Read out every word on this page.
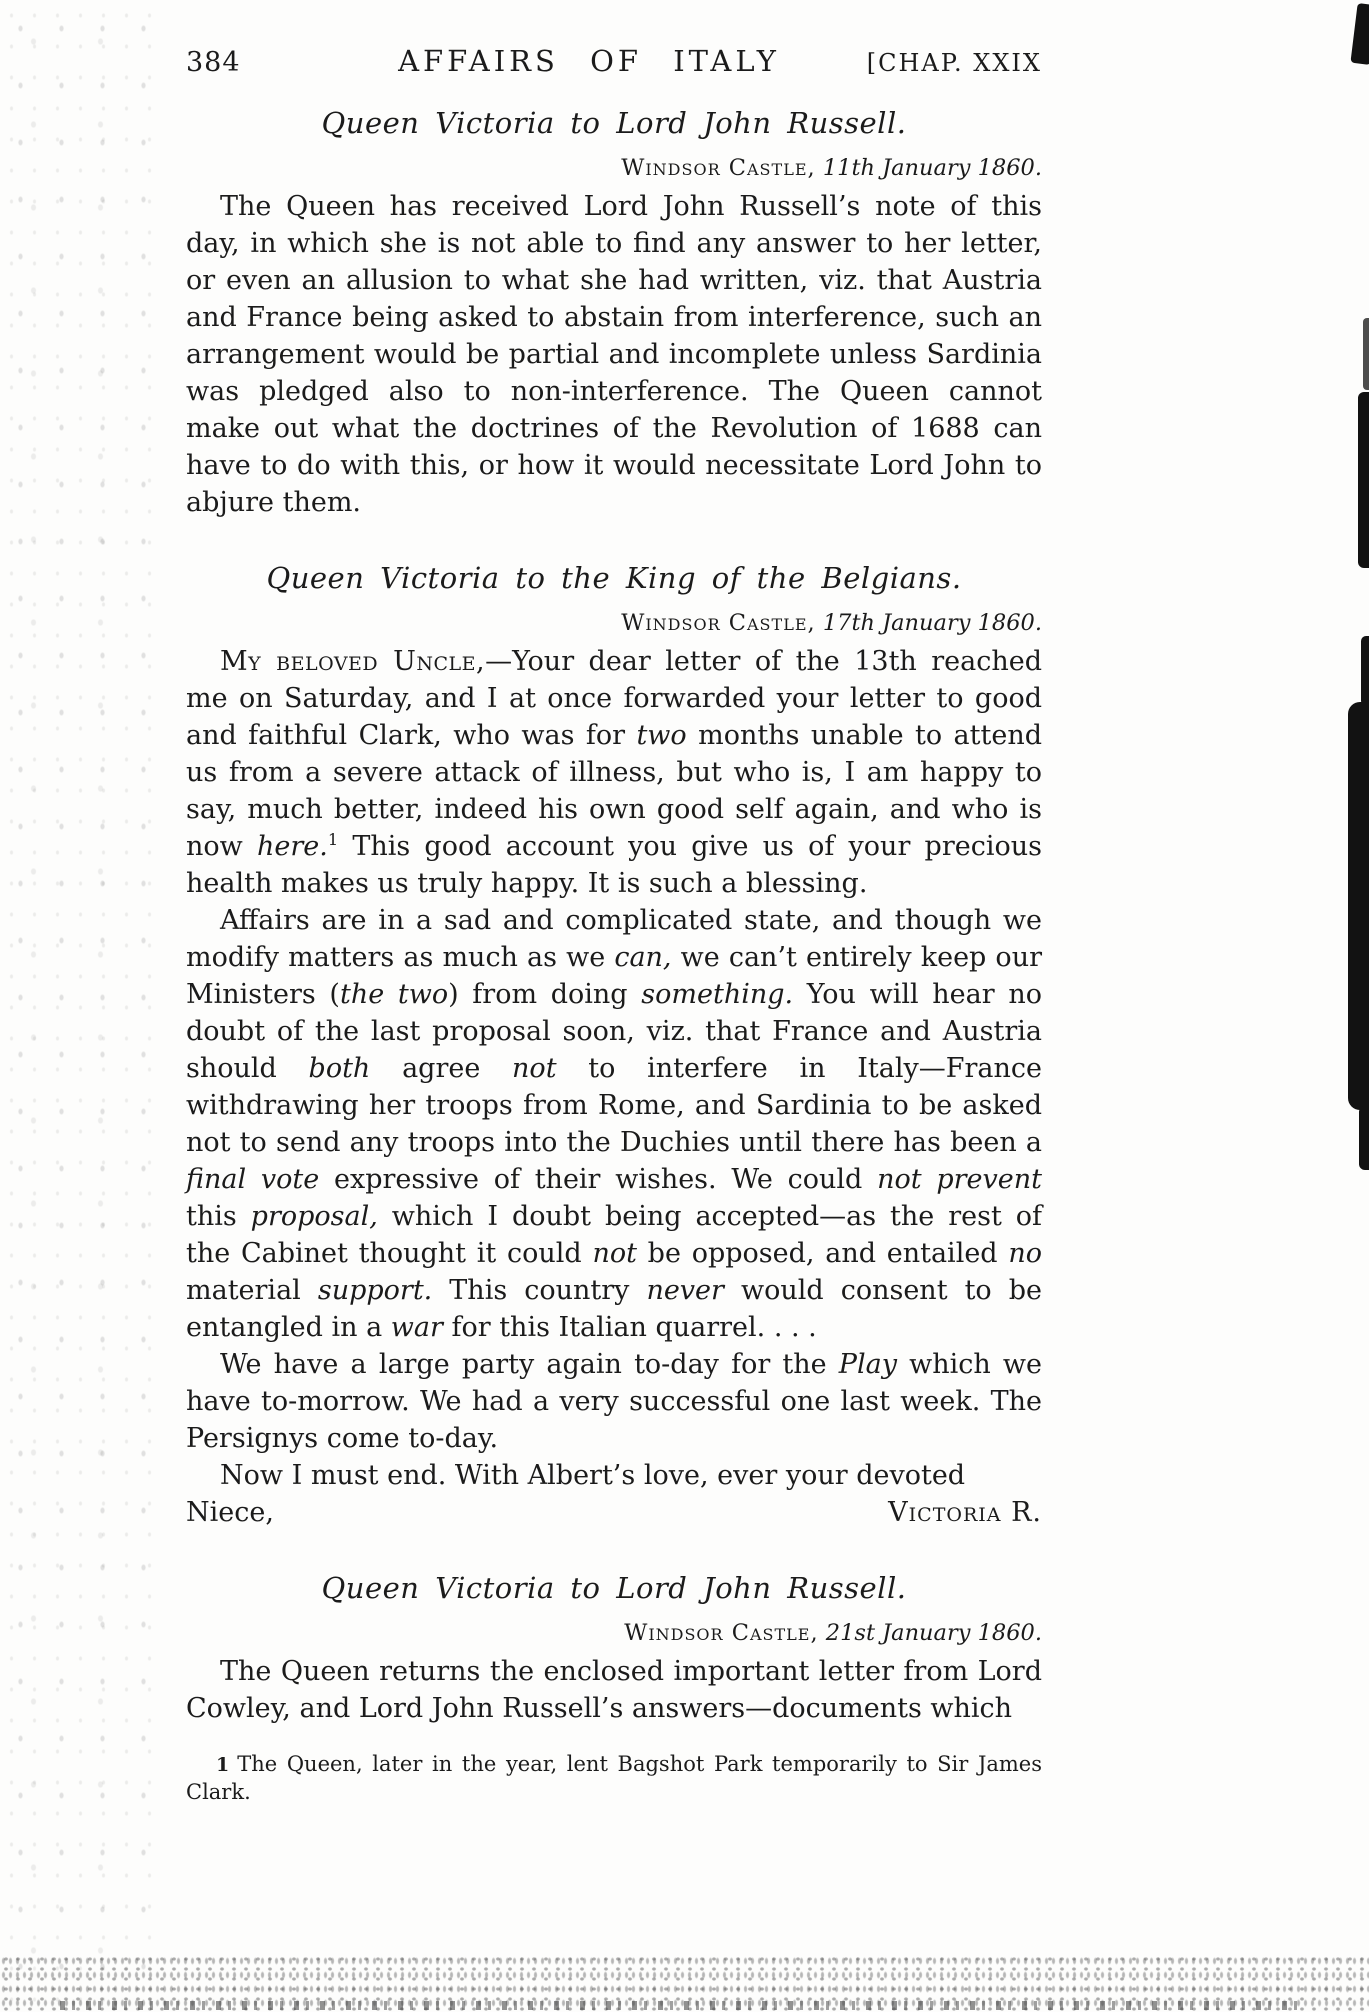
384	AFFAIRS OF ITALY	[CHAP. XXIX
Queen Victoria to Lord John Russell.
Windsor Castle, 11th January 1860.

The Queen has received Lord John Russell’s note of this day, in which she is not able to find any answer to her letter, or even an allusion to what she had written, viz. that Austria and France being asked to abstain from interference, such an arrangement would be partial and incomplete unless Sardinia was pledged also to non-interference. The Queen cannot make out what the doctrines of the Revolution of 1688 can have to do with this, or how it would necessitate Lord John to abjure them.

Queen Victoria to the King of the Belgians.
Windsor Castle, 17th January 1860.

My beloved Uncle,—Your dear letter of the 13th reached me on Saturday, and I at once forwarded your letter to good and faithful Clark, who was for two months unable to attend us from a severe attack of illness, but who is, I am happy to say, much better, indeed his own good self again, and who is now here.$^1$ This good account you give us of your precious health makes us truly happy. It is such a blessing.

Affairs are in a sad and complicated state, and though we modify matters as much as we can, we can’t entirely keep our Ministers (the two) from doing something. You will hear no doubt of the last proposal soon, viz. that France and Austria should both agree not to interfere in Italy—France withdrawing her troops from Rome, and Sardinia to be asked not to send any troops into the Duchies until there has been a final vote expressive of their wishes. We could not prevent this proposal, which I doubt being accepted—as the rest of the Cabinet thought it could not be opposed, and entailed no material support. This country never would consent to be entangled in a war for this Italian quarrel. . . .

We have a large party again to-day for the Play which we have to-morrow. We had a very successful one last week. The Persignys come to-day.

Now I must end. With Albert’s love, ever your devoted

Niece,	Victoria R.
Queen Victoria to Lord John Russell.
Windsor Castle, 21st January 1860.

The Queen returns the enclosed important letter from Lord Cowley, and Lord John Russell’s answers—documents which

1 The Queen, later in the year, lent Bagshot Park temporarily to Sir James Clark.
